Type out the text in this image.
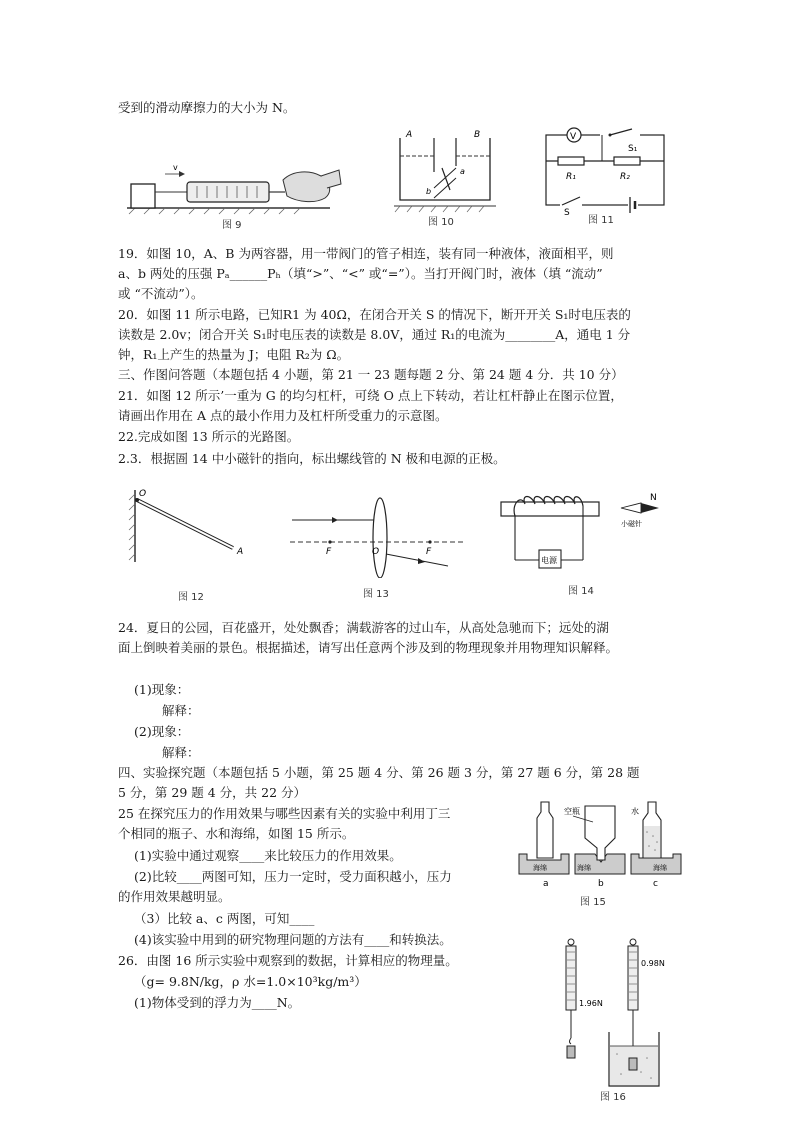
受到的滑动摩擦力的大小为 N。
v
图 9
A	B
a
b
图 10
V
S₁
R₁	R₂
S
图 11
19．如图 10，A、B 为两容器，用一带阀门的管子相连，装有同一种液体，液面相平，则
a、b 两处的压强 Pₐ______Pₕ（填“>”、“<” 或“=”）。当打开阀门时，液体（填 “流动”
或 “不流动”）。
20．如图 11 所示电路，已知R1 为 40Ω，在闭合开关 S 的情况下，断开开关 S₁时电压表的
读数是 2.0v；闭合开关 S₁时电压表的读数是 8.0V，通过 R₁的电流为________A，通电 1 分
钟，R₁上产生的热量为 J；电阻 R₂为 Ω。
三、作图问答题（本题包括 4 小题，第 21 一 23 题每题 2 分、第 24 题 4 分．共 10 分）
21．如图 12 所示’一重为 G 的均匀杠杆，可绕 O 点上下转动，若让杠杆静止在图示位置，
请画出作用在 A 点的最小作用力及杠杆所受重力的示意图。
22.完成如图 13 所示的光路图。
2.3．根据圄 14 中小磁针的指向，标出螺线管的 N 极和电源的正极。
O
A
图 12
F	O	F
图 13
电源
N
小磁针
图 14
24．夏日的公园，百花盛开，处处飘香；满载游客的过山车，从高处急驰而下；远处的湖
面上倒映着美丽的景色。根据描述，请写出任意两个涉及到的物理现象并用物理知识解释。
(1)现象：
解释：
(2)现象：
解释：
四、实验探究题（本题包括 5 小题，第 25 题 4 分、第 26 题 3 分，第 27 题 6 分，第 28 题
5 分，第 29 题 4 分，共 22 分）
25 在探究压力的作用效果与哪些因素有关的实验中利用丁三
个相同的瓶子、水和海绵，如图 15 所示。
(1)实验中通过观察____来比较压力的作用效果。
(2)比较____两图可知，压力一定时，受力面积越小，压力
的作用效果越明显。
（3）比较 a、c 两图，可知____
(4)该实验中用到的研究物理问题的方法有____和转换法。
26．由图 16 所示实验中观察到的数据，计算相应的物理量。
（g= 9.8N/kg，ρ 水=1.0×10³kg/m³）
(1)物体受到的浮力为____N。
空瓶	水
海绵	海绵	海绵
a	b	c
图 15
1.96N
0.98N
图 16
